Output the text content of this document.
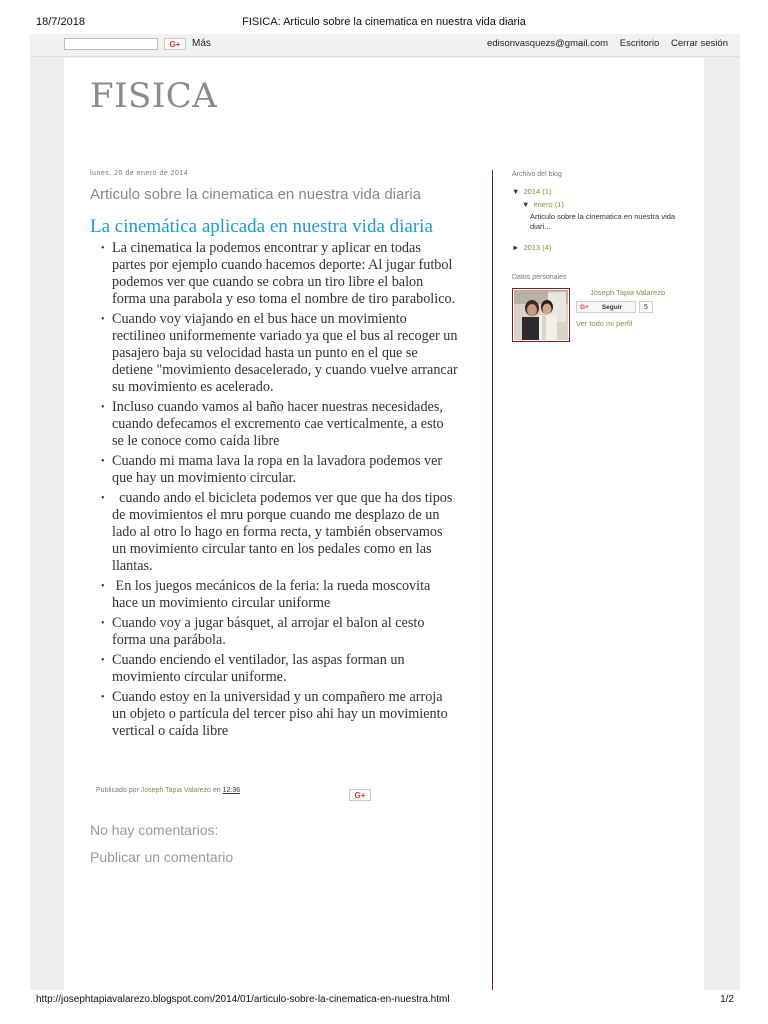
18/7/2018	FISICA: Articulo sobre la cinematica en nuestra vida diaria
G+	Más	edisonvasquezs@gmail.com Escritorio Cerrar sesión
FISICA
lunes, 20 de enero de 2014
Articulo sobre la cinematica en nuestra vida diaria
La cinemática aplicada en nuestra vida diaria
• La cinematica la podemos encontrar y aplicar en todas partes por ejemplo cuando hacemos deporte: Al jugar futbol podemos ver que cuando se cobra un tiro libre el balon forma una parabola y eso toma el nombre de tiro parabolico.
• Cuando voy viajando en el bus hace un movimiento rectilineo uniformemente variado ya que el bus al recoger un pasajero baja su velocidad hasta un punto en el que se detiene "movimiento desacelerado, y cuando vuelve arrancar su movimiento es acelerado.
• Incluso cuando vamos al baño hacer nuestras necesidades, cuando defecamos el excremento cae verticalmente, a esto se le conoce como caída libre
• Cuando mi mama lava la ropa en la lavadora podemos ver que hay un movimiento circular.
• cuando ando el bicicleta podemos ver que que ha dos tipos de movimientos el mru porque cuando me desplazo de un lado al otro lo hago en forma recta, y también observamos un movimiento circular tanto en los pedales como en las llantas.
• En los juegos mecánicos de la feria: la rueda moscovita hace un movimiento circular uniforme
• Cuando voy a jugar básquet, al arrojar el balon al cesto forma una parábola.
• Cuando enciendo el ventilador, las aspas forman un movimiento circular uniforme.
• Cuando estoy en la universidad y un compañero me arroja un objeto o partícula del tercer piso ahi hay un movimiento vertical o caída libre
Publicado por Joseph Tapia Valarezo en 12:36
G+
No hay comentarios:
Publicar un comentario
Archivo del blog
▼ 2014 (1)
▼ enero (1)
Articulo sobre la cinematica en nuestra vida diari...
► 2013 (4)
Datos personales
Joseph Tapia Valarezo
G+ Seguir	5
Ver todo mi perfil
http://josephtapiavalarezo.blogspot.com/2014/01/articulo-sobre-la-cinematica-en-nuestra.html	1/2
